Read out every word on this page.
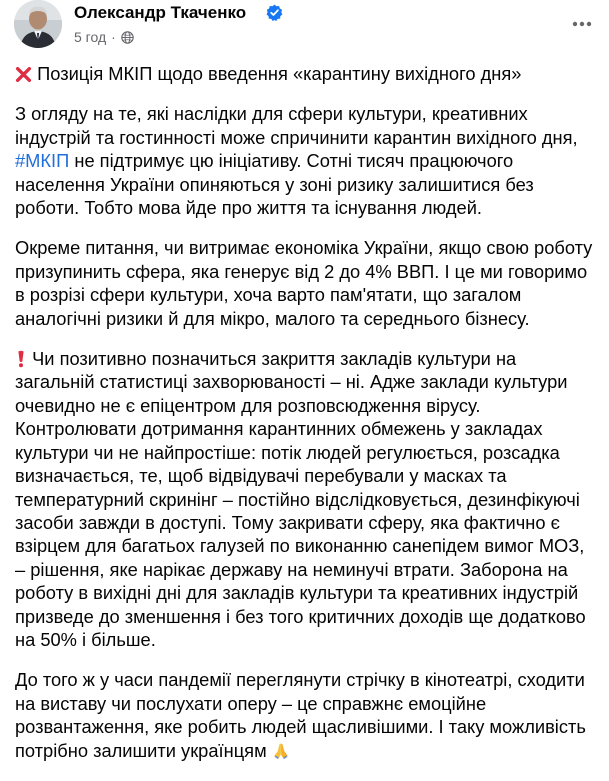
Олександр Ткаченко
5 год ·

Позиція МКІП щодо введення «карантину вихідного дня»

З огляду на те, які наслідки для сфери культури, креативних індустрій та гостинності може спричинити карантин вихідного дня, #МКІП не підтримує цю ініціативу. Сотні тисяч працюючого населення України опиняються у зоні ризику залишитися без роботи. Тобто мова йде про життя та існування людей.

Окреме питання, чи витримає економіка України, якщо свою роботу призупинить сфера, яка генерує від 2 до 4% ВВП. І це ми говоримо в розрізі сфери культури, хоча варто пам'ятати, що загалом аналогічні ризики й для мікро, малого та середнього бізнесу.

Чи позитивно позначиться закриття закладів культури на загальній статистиці захворюваності – ні. Адже заклади культури очевидно не є епіцентром для розповсюдження вірусу. Контролювати дотримання карантинних обмежень у закладах культури чи не найпростіше: потік людей регулюється, розсадка визначається, те, щоб відвідувачі перебували у масках та температурний скринінг – постійно відслідковується, дезинфікуючі засоби завжди в доступі. Тому закривати сферу, яка фактично є взірцем для багатьох галузей по виконанню санепідем вимог МОЗ, – рішення, яке нарікає державу на неминучі втрати. Заборона на роботу в вихідні дні для закладів культури та креативних індустрій призведе до зменшення і без того критичних доходів ще додатково на 50% і більше.

До того ж у часи пандемії переглянути стрічку в кінотеатрі, сходити на виставу чи послухати оперу – це справжнє емоційне розвантаження, яке робить людей щасливішими. І таку можливість потрібно залишити українцям
